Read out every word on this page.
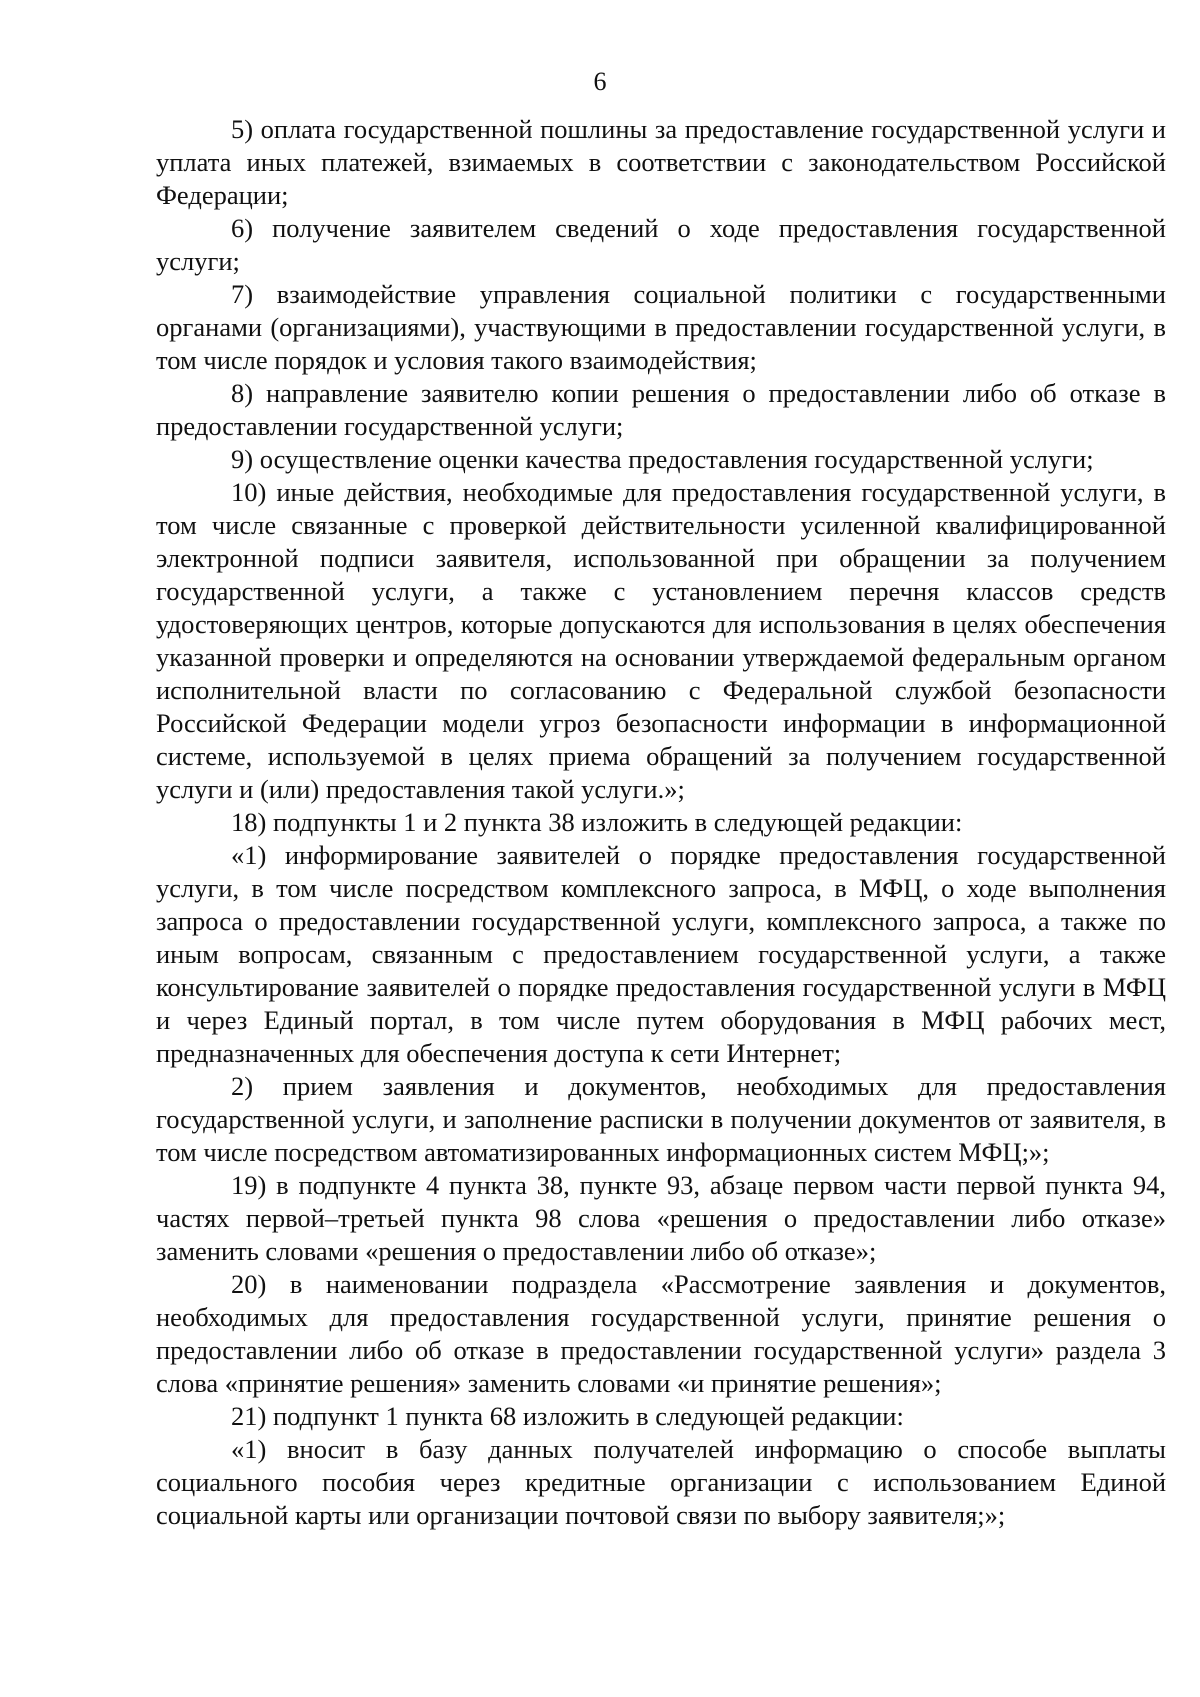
6

5) оплата государственной пошлины за предоставление государственной услуги и уплата иных платежей, взимаемых в соответствии с законодательством Российской Федерации;

6) получение заявителем сведений о ходе предоставления государственной услуги;

7) взаимодействие управления социальной политики с государственными органами (организациями), участвующими в предоставлении государственной услуги, в том числе порядок и условия такого взаимодействия;

8) направление заявителю копии решения о предоставлении либо об отказе в предоставлении государственной услуги;

9) осуществление оценки качества предоставления государственной услуги;

10) иные действия, необходимые для предоставления государственной услуги, в том числе связанные с проверкой действительности усиленной квалифицированной электронной подписи заявителя, использованной при обращении за получением государственной услуги, а также с установлением перечня классов средств удостоверяющих центров, которые допускаются для использования в целях обеспечения указанной проверки и определяются на основании утверждаемой федеральным органом исполнительной власти по согласованию с Федеральной службой безопасности Российской Федерации модели угроз безопасности информации в информационной системе, используемой в целях приема обращений за получением государственной услуги и (или) предоставления такой услуги.»;

18) подпункты 1 и 2 пункта 38 изложить в следующей редакции:

«1) информирование заявителей о порядке предоставления государственной услуги, в том числе посредством комплексного запроса, в МФЦ, о ходе выполнения запроса о предоставлении государственной услуги, комплексного запроса, а также по иным вопросам, связанным с предоставлением государственной услуги, а также консультирование заявителей о порядке предоставления государственной услуги в МФЦ и через Единый портал, в том числе путем оборудования в МФЦ рабочих мест, предназначенных для обеспечения доступа к сети Интернет;

2) прием заявления и документов, необходимых для предоставления государственной услуги, и заполнение расписки в получении документов от заявителя, в том числе посредством автоматизированных информационных систем МФЦ;»;

19) в подпункте 4 пункта 38, пункте 93, абзаце первом части первой пункта 94, частях первой–третьей пункта 98 слова «решения о предоставлении либо отказе» заменить словами «решения о предоставлении либо об отказе»;

20) в наименовании подраздела «Рассмотрение заявления и документов, необходимых для предоставления государственной услуги, принятие решения о предоставлении либо об отказе в предоставлении государственной услуги» раздела 3 слова «принятие решения» заменить словами «и принятие решения»;

21) подпункт 1 пункта 68 изложить в следующей редакции:

«1) вносит в базу данных получателей информацию о способе выплаты социального пособия через кредитные организации с использованием Единой социальной карты или организации почтовой связи по выбору заявителя;»;
